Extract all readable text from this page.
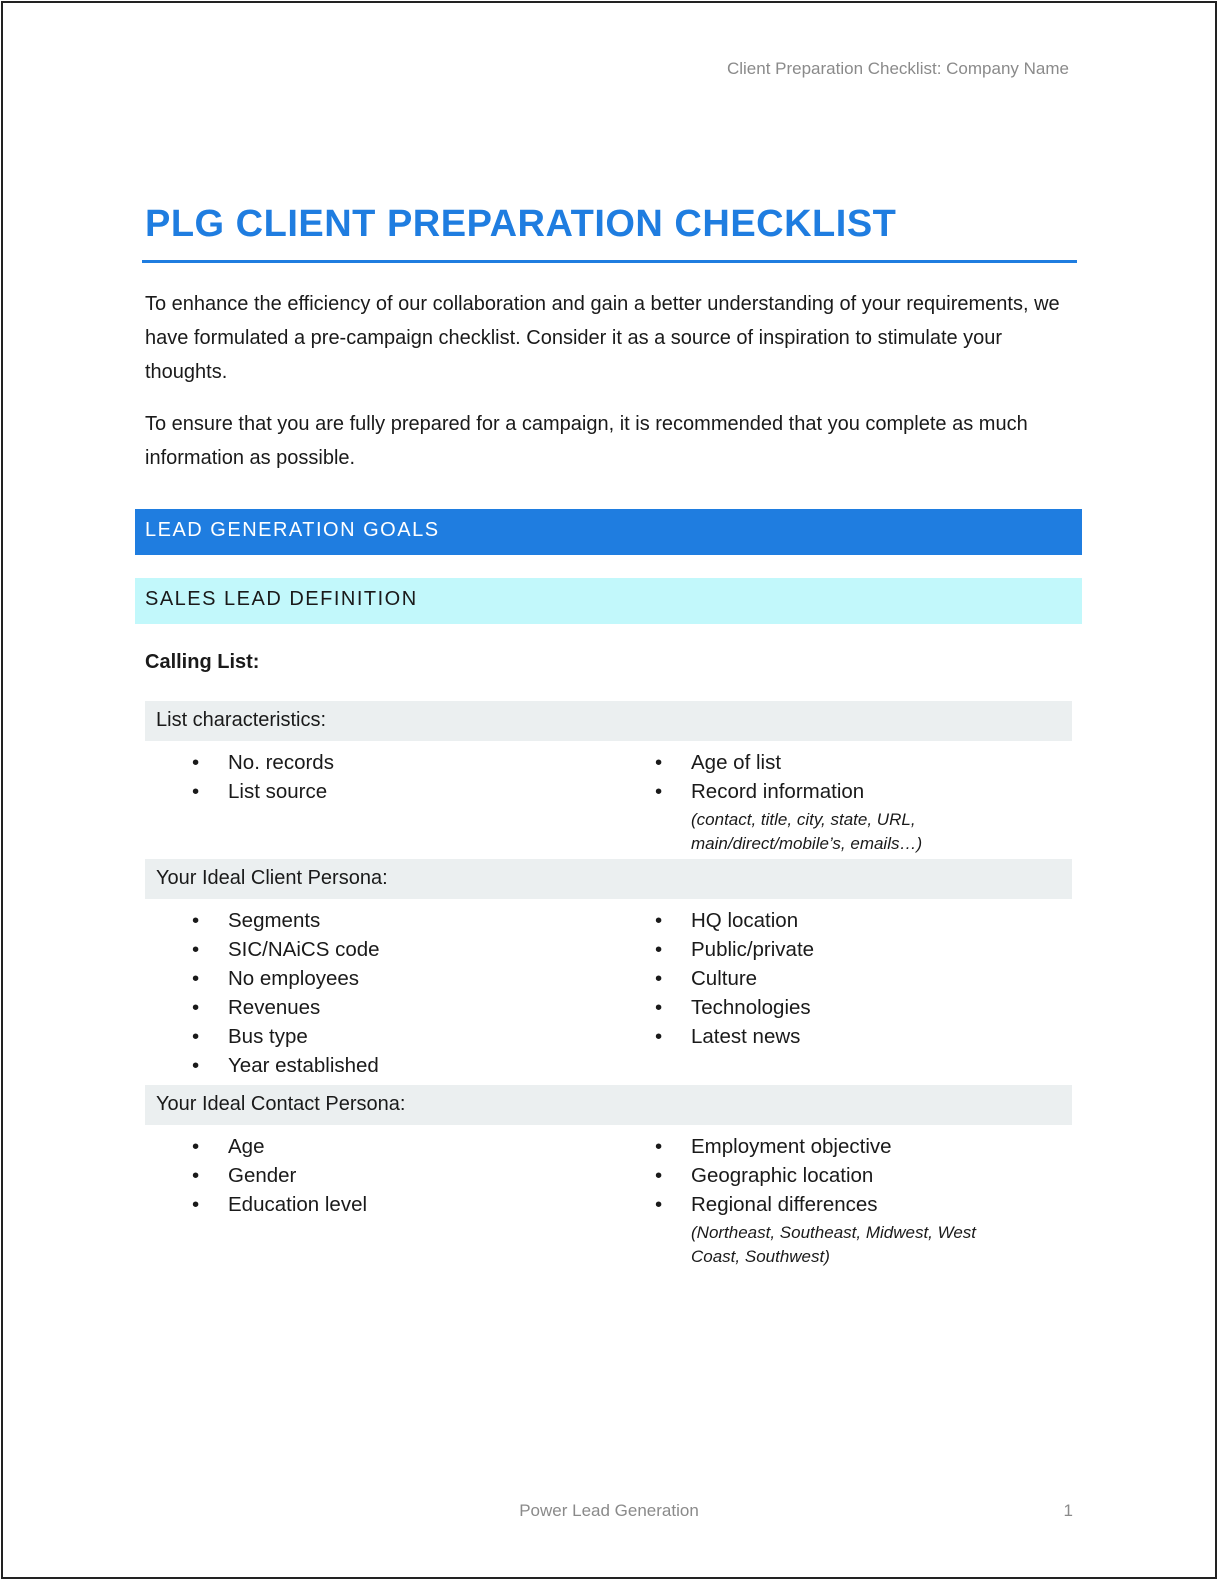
Client Preparation Checklist: Company Name
PLG CLIENT PREPARATION CHECKLIST

To enhance the efficiency of our collaboration and gain a better understanding of your requirements, we have formulated a pre-campaign checklist. Consider it as a source of inspiration to stimulate your thoughts.

To ensure that you are fully prepared for a campaign, it is recommended that you complete as much information as possible.

LEAD GENERATION GOALS
SALES LEAD DEFINITION
Calling List:
List characteristics:
• No. records
• List source
• Age of list
• Record information
(contact, title, city, state, URL, main/direct/mobile’s, emails…)
Your Ideal Client Persona:
• Segments
• SIC/NAiCS code
• No employees
• Revenues
• Bus type
• Year established
• HQ location
• Public/private
• Culture
• Technologies
• Latest news
Your Ideal Contact Persona:
• Age
• Gender
• Education level
• Employment objective
• Geographic location
• Regional differences
(Northeast, Southeast, Midwest, West Coast, Southwest)
Power Lead Generation	1
